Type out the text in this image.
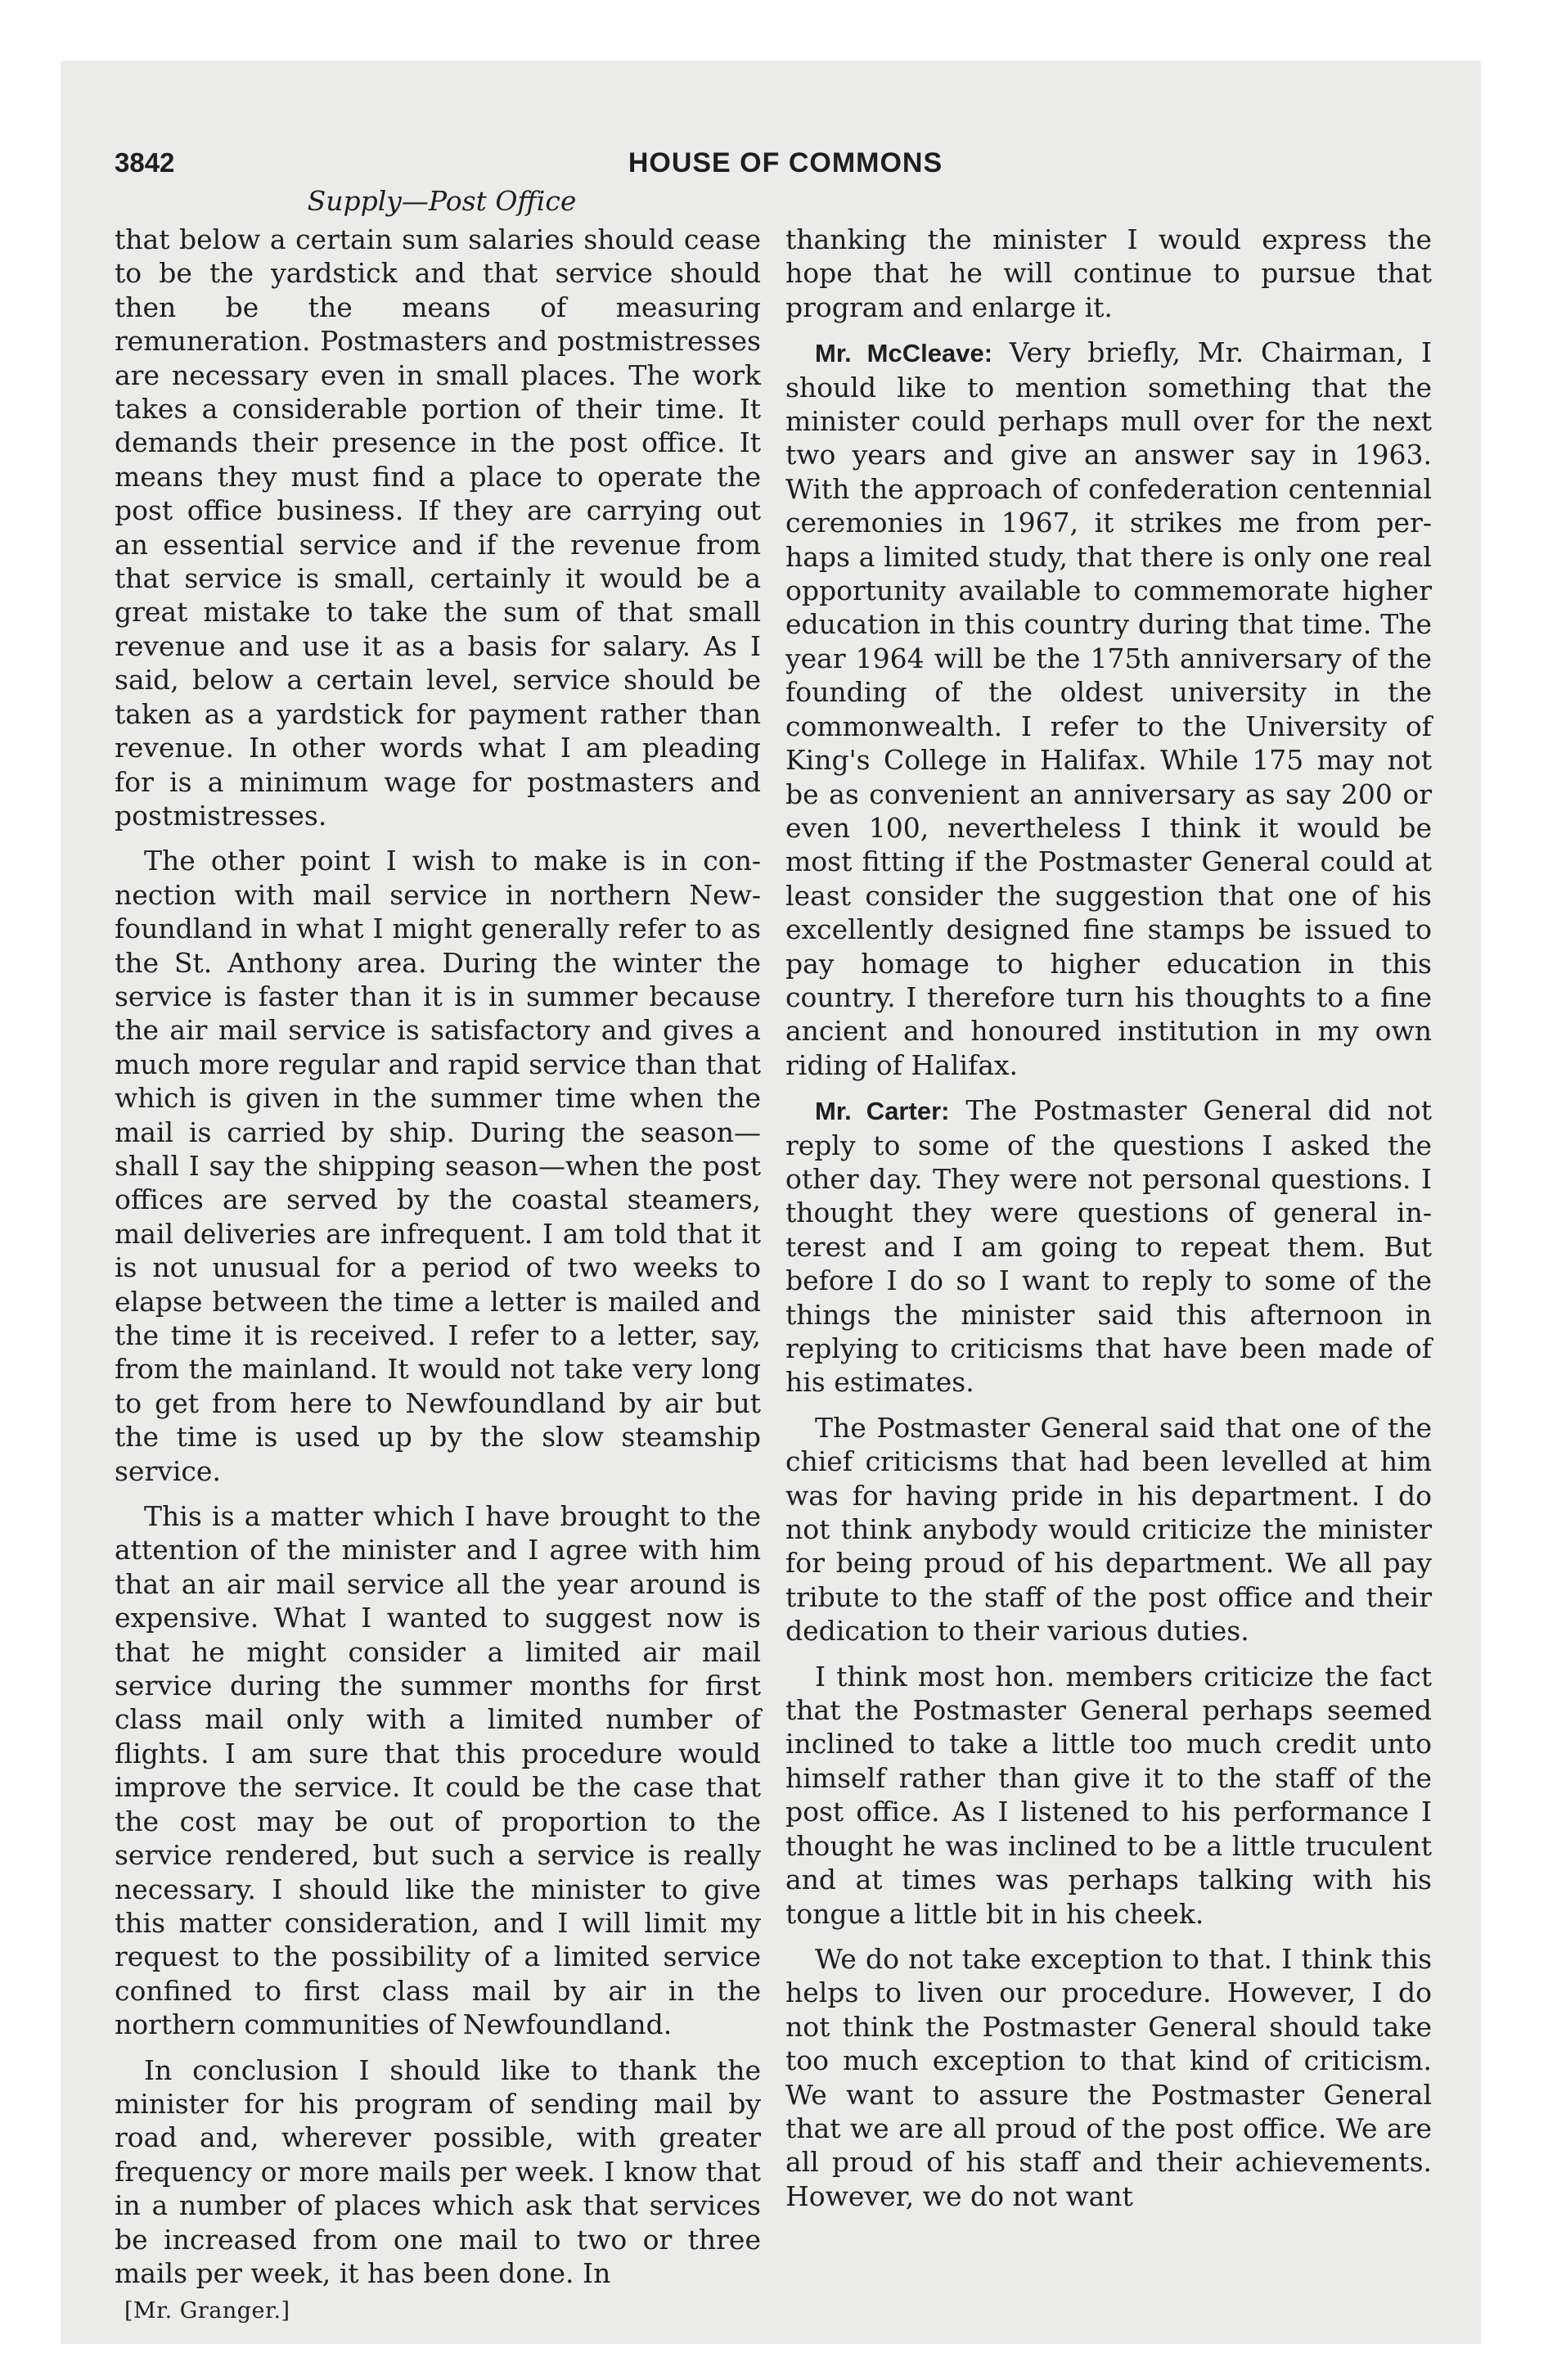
3842	HOUSE OF COMMONS
Supply—Post Office

that below a certain sum salaries should cease to be the yardstick and that service should then be the means of measuring remuneration. Postmasters and postmistresses are necessary even in small places. The work takes a considerable portion of their time. It demands their presence in the post office. It means they must find a place to operate the post office business. If they are carrying out an essential service and if the revenue from that service is small, certainly it would be a great mistake to take the sum of that small revenue and use it as a basis for salary. As I said, below a certain level, service should be taken as a yardstick for payment rather than revenue. In other words what I am pleading for is a minimum wage for postmasters and postmistresses.

The other point I wish to make is in connection with mail service in northern Newfoundland in what I might generally refer to as the St. Anthony area. During the winter the service is faster than it is in summer because the air mail service is satisfactory and gives a much more regular and rapid service than that which is given in the summer time when the mail is carried by ship. During the season—shall I say the shipping season—when the post offices are served by the coastal steamers, mail deliveries are infrequent. I am told that it is not unusual for a period of two weeks to elapse between the time a letter is mailed and the time it is received. I refer to a letter, say, from the mainland. It would not take very long to get from here to Newfoundland by air but the time is used up by the slow steamship service.

This is a matter which I have brought to the attention of the minister and I agree with him that an air mail service all the year around is expensive. What I wanted to suggest now is that he might consider a limited air mail service during the summer months for first class mail only with a limited number of flights. I am sure that this procedure would improve the service. It could be the case that the cost may be out of proportion to the service rendered, but such a service is really necessary. I should like the minister to give this matter consideration, and I will limit my request to the possibility of a limited service confined to first class mail by air in the northern communities of Newfoundland.

In conclusion I should like to thank the minister for his program of sending mail by road and, wherever possible, with greater frequency or more mails per week. I know that in a number of places which ask that services be increased from one mail to two or three mails per week, it has been done. In

thanking the minister I would express the hope that he will continue to pursue that program and enlarge it.

Mr. McCleave: Very briefly, Mr. Chairman, I should like to mention something that the minister could perhaps mull over for the next two years and give an answer say in 1963. With the approach of confederation centennial ceremonies in 1967, it strikes me from perhaps a limited study, that there is only one real opportunity available to commemorate higher education in this country during that time. The year 1964 will be the 175th anniversary of the founding of the oldest university in the commonwealth. I refer to the University of King's College in Halifax. While 175 may not be as convenient an anniversary as say 200 or even 100, nevertheless I think it would be most fitting if the Postmaster General could at least consider the suggestion that one of his excellently designed fine stamps be issued to pay homage to higher education in this country. I therefore turn his thoughts to a fine ancient and honoured institution in my own riding of Halifax.

Mr. Carter: The Postmaster General did not reply to some of the questions I asked the other day. They were not personal questions. I thought they were questions of general interest and I am going to repeat them. But before I do so I want to reply to some of the things the minister said this afternoon in replying to criticisms that have been made of his estimates.

The Postmaster General said that one of the chief criticisms that had been levelled at him was for having pride in his department. I do not think anybody would criticize the minister for being proud of his department. We all pay tribute to the staff of the post office and their dedication to their various duties.

I think most hon. members criticize the fact that the Postmaster General perhaps seemed inclined to take a little too much credit unto himself rather than give it to the staff of the post office. As I listened to his performance I thought he was inclined to be a little truculent and at times was perhaps talking with his tongue a little bit in his cheek.

We do not take exception to that. I think this helps to liven our procedure. However, I do not think the Postmaster General should take too much exception to that kind of criticism. We want to assure the Postmaster General that we are all proud of the post office. We are all proud of his staff and their achievements. However, we do not want

[Mr. Granger.]
